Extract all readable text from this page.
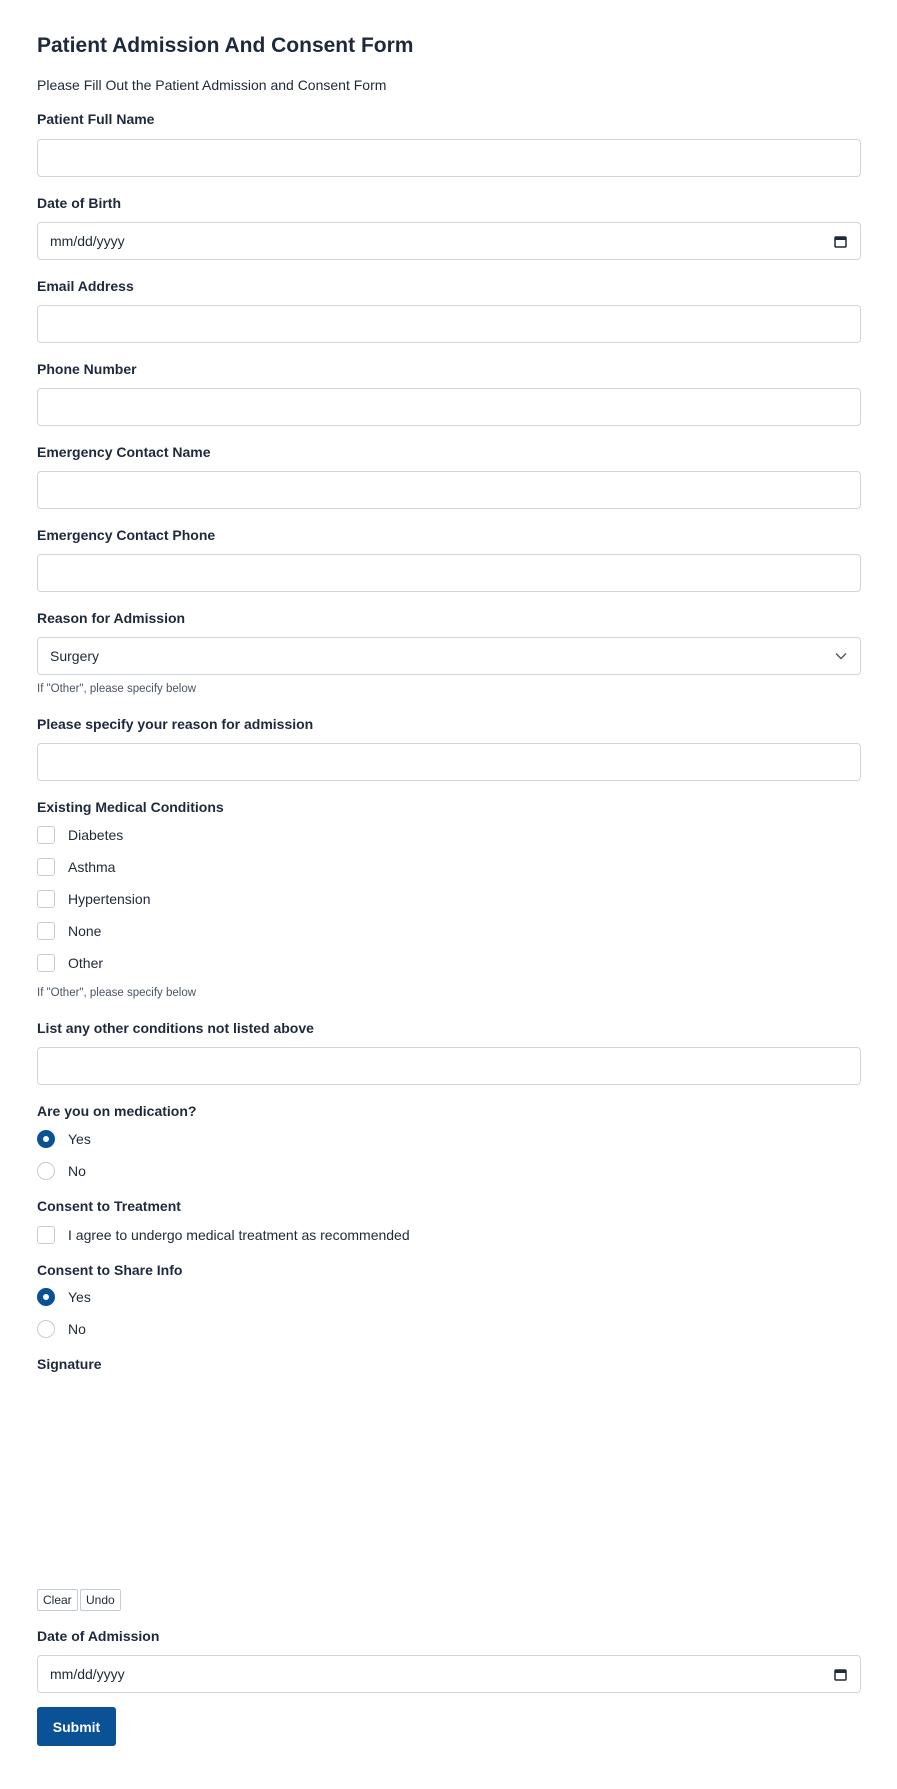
Patient Admission And Consent Form
Please Fill Out the Patient Admission and Consent Form
Patient Full Name
Date of Birth
mm/dd/yyyy
Email Address
Phone Number
Emergency Contact Name
Emergency Contact Phone
Reason for Admission
Surgery
If "Other", please specify below
Please specify your reason for admission
Existing Medical Conditions
Diabetes
Asthma
Hypertension
None
Other
If "Other", please specify below
List any other conditions not listed above
Are you on medication?
Yes
No
Consent to Treatment
I agree to undergo medical treatment as recommended
Consent to Share Info
Yes
No
Signature
Clear	Undo
Date of Admission
mm/dd/yyyy
Submit
